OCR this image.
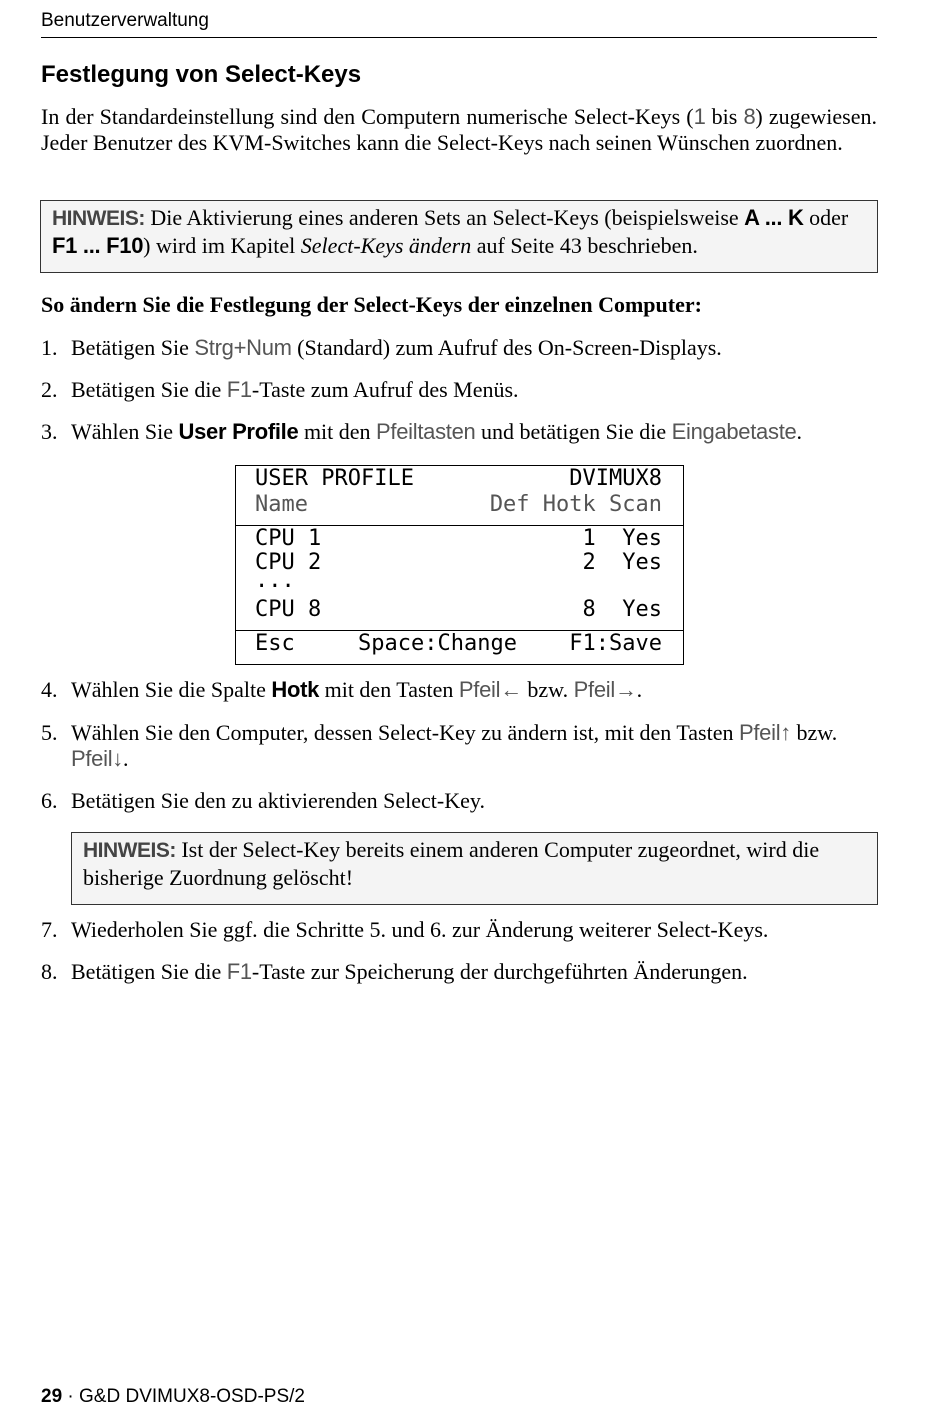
Benutzerverwaltung
Festlegung von Select-Keys
In der Standardeinstellung sind den Computern numerische Select-Keys (1 bis 8) zugewiesen. Jeder Benutzer des KVM-Switches kann die Select-Keys nach seinen Wünschen zuordnen.
HINWEIS: Die Aktivierung eines anderen Sets an Select-Keys (beispielsweise A ... K oder F1 ... F10) wird im Kapitel Select-Keys ändern auf Seite 43 beschrieben.
So ändern Sie die Festlegung der Select-Keys der einzelnen Computer:
1. Betätigen Sie Strg+Num (Standard) zum Aufruf des On-Screen-Displays.
2. Betätigen Sie die F1-Taste zum Aufruf des Menüs.
3. Wählen Sie User Profile mit den Pfeiltasten und betätigen Sie die Eingabetaste.
USER PROFILE	DVIMUX8
Name	Def Hotk Scan
CPU 1	1  Yes
CPU 2	2  Yes
...
CPU 8	8  Yes
Esc	Space:Change F1:Save
4. Wählen Sie die Spalte Hotk mit den Tasten Pfeil← bzw. Pfeil→.
5. Wählen Sie den Computer, dessen Select-Key zu ändern ist, mit den Tasten Pfeil↑ bzw. Pfeil↓.
6. Betätigen Sie den zu aktivierenden Select-Key.
HINWEIS: Ist der Select-Key bereits einem anderen Computer zugeordnet, wird die bisherige Zuordnung gelöscht!
7. Wiederholen Sie ggf. die Schritte 5. und 6. zur Änderung weiterer Select-Keys.
8. Betätigen Sie die F1-Taste zur Speicherung der durchgeführten Änderungen.
29 · G&D DVIMUX8-OSD-PS/2
